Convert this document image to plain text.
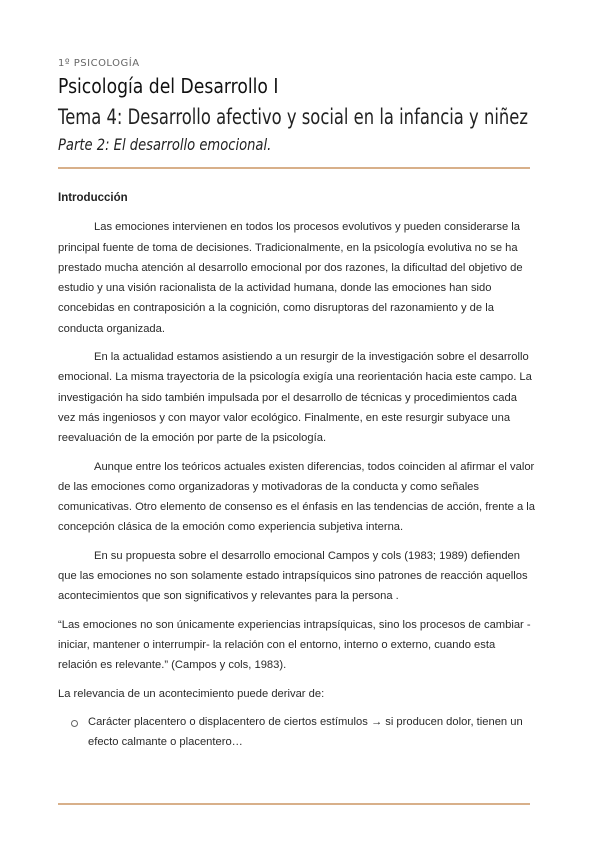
1º PSICOLOGÍA
Psicología del Desarrollo I
Tema 4: Desarrollo afectivo y social en la infancia y niñez
Parte 2: El desarrollo emocional.
Introducción

Las emociones intervienen en todos los procesos evolutivos y pueden considerarse la principal fuente de toma de decisiones. Tradicionalmente, en la psicología evolutiva no se ha prestado mucha atención al desarrollo emocional por dos razones, la dificultad del objetivo de estudio y una visión racionalista de la actividad humana, donde las emociones han sido concebidas en contraposición a la cognición, como disruptoras del razonamiento y de la conducta organizada.

En la actualidad estamos asistiendo a un resurgir de la investigación sobre el desarrollo emocional. La misma trayectoria de la psicología exigía una reorientación hacia este campo. La investigación ha sido también impulsada por el desarrollo de técnicas y procedimientos cada vez más ingeniosos y con mayor valor ecológico. Finalmente, en este resurgir subyace una reevaluación de la emoción por parte de la psicología.

Aunque entre los teóricos actuales existen diferencias, todos coinciden al afirmar el valor de las emociones como organizadoras y motivadoras de la conducta y como señales comunicativas. Otro elemento de consenso es el énfasis en las tendencias de acción, frente a la concepción clásica de la emoción como experiencia subjetiva interna.

En su propuesta sobre el desarrollo emocional Campos y cols (1983; 1989) defienden que las emociones no son solamente estado intrapsíquicos sino patrones de reacción aquellos acontecimientos que son significativos y relevantes para la persona .

“Las emociones no son únicamente experiencias intrapsíquicas, sino los procesos de cambiar -iniciar, mantener o interrumpir- la relación con el entorno, interno o externo, cuando esta relación es relevante.” (Campos y cols, 1983).

La relevancia de un acontecimiento puede derivar de:

Carácter placentero o displacentero de ciertos estímulos → si producen dolor, tienen un efecto calmante o placentero…
